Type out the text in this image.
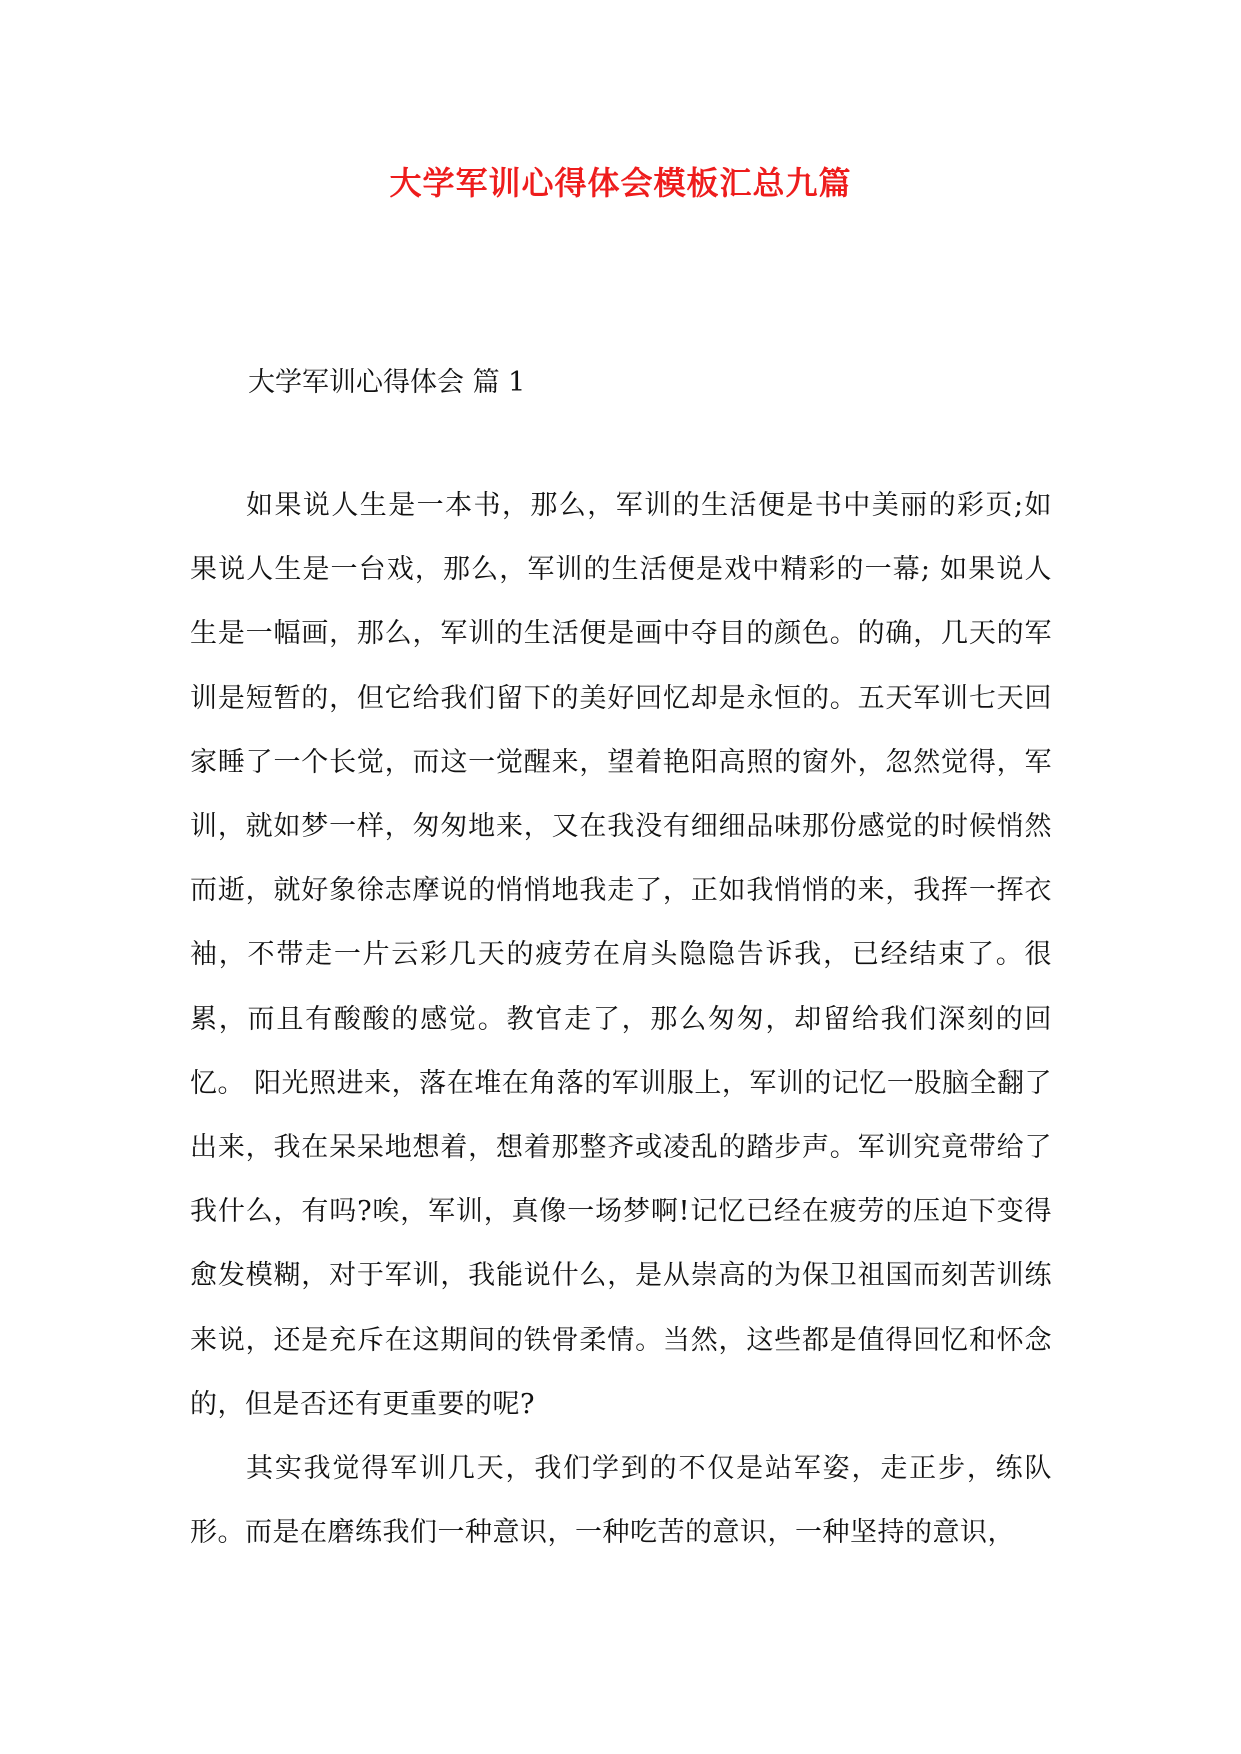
大学军训心得体会模板汇总九篇
大学军训心得体会 篇 1

如果说人生是一本书，那么，军训的生活便是书中美丽的彩页;如果说人生是一台戏，那么，军训的生活便是戏中精彩的一幕; 如果说人生是一幅画，那么，军训的生活便是画中夺目的颜色。的确，几天的军训是短暂的，但它给我们留下的美好回忆却是永恒的。五天军训七天回家睡了一个长觉，而这一觉醒来，望着艳阳高照的窗外，忽然觉得，军训，就如梦一样，匆匆地来，又在我没有细细品味那份感觉的时候悄然而逝，就好象徐志摩说的悄悄地我走了，正如我悄悄的来，我挥一挥衣袖，不带走一片云彩几天的疲劳在肩头隐隐告诉我，已经结束了。很累，而且有酸酸的感觉。教官走了，那么匆匆，却留给我们深刻的回忆。 阳光照进来，落在堆在角落的军训服上，军训的记忆一股脑全翻了出来，我在呆呆地想着，想着那整齐或凌乱的踏步声。军训究竟带给了我什么，有吗?唉，军训，真像一场梦啊!记忆已经在疲劳的压迫下变得愈发模糊，对于军训，我能说什么，是从崇高的为保卫祖国而刻苦训练来说，还是充斥在这期间的铁骨柔情。当然，这些都是值得回忆和怀念的，但是否还有更重要的呢?

其实我觉得军训几天，我们学到的不仅是站军姿，走正步，练队形。而是在磨练我们一种意识，一种吃苦的意识，一种坚持的意识，
